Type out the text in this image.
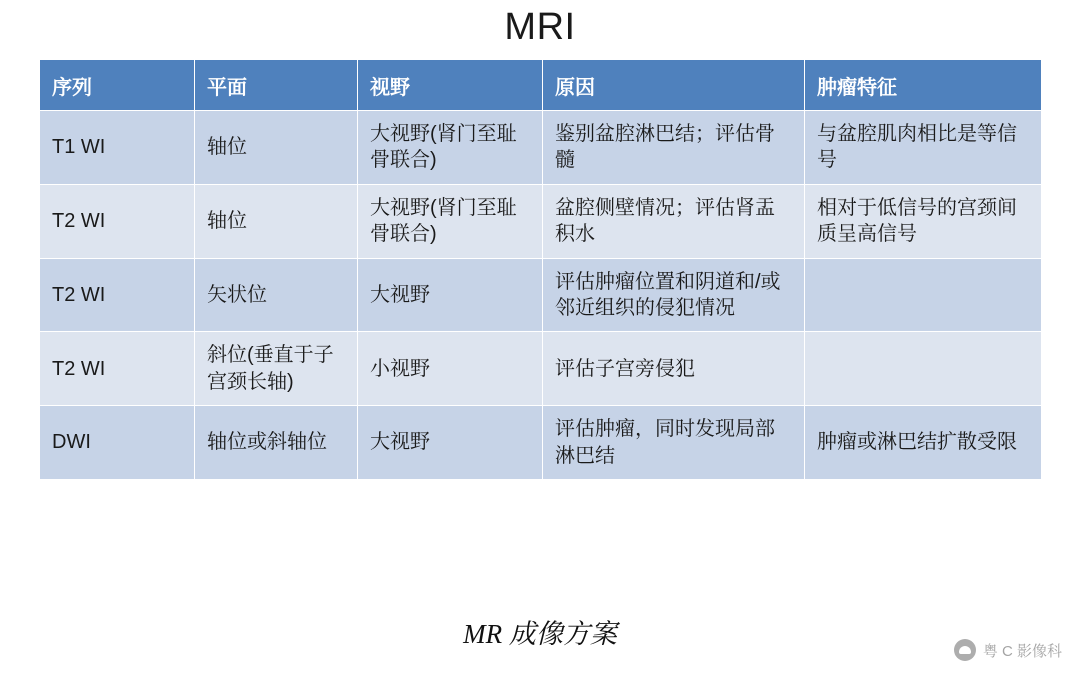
MRI
序列	平面	视野	原因	肿瘤特征
T1 WI	轴位	大视野(肾门至耻骨联合)	鉴别盆腔淋巴结；评估骨髓	与盆腔肌肉相比是等信号
T2 WI	轴位	大视野(肾门至耻骨联合)	盆腔侧壁情况；评估肾盂积水	相对于低信号的宫颈间质呈高信号
T2 WI	矢状位	大视野	评估肿瘤位置和阴道和/或邻近组织的侵犯情况	
T2 WI	斜位(垂直于子宫颈长轴)	小视野	评估子宫旁侵犯	
DWI	轴位或斜轴位	大视野	评估肿瘤，同时发现局部淋巴结	肿瘤或淋巴结扩散受限
MR 成像方案
粤 C 影像科
